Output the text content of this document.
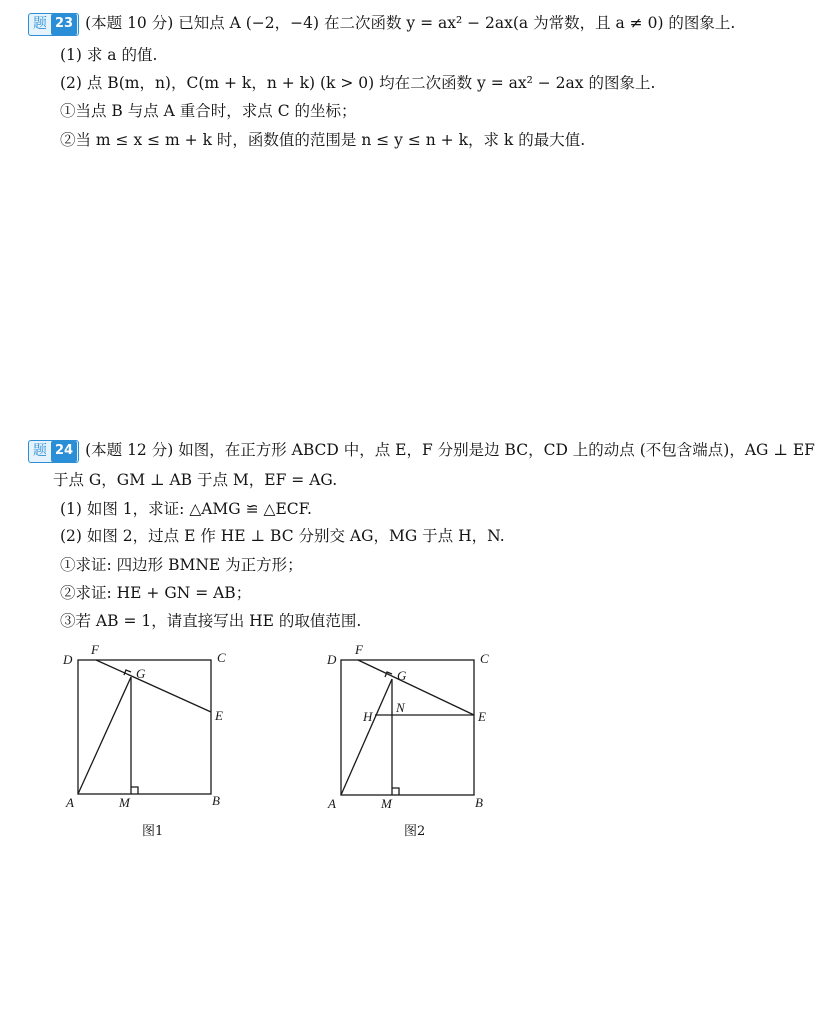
题 23 (本题 10 分) 已知点 A (−2，−4) 在二次函数 y = ax² − 2ax(a 为常数，且 a ≠ 0) 的图象上.
(1) 求 a 的值.
(2) 点 B(m，n)，C(m + k，n + k) (k > 0) 均在二次函数 y = ax² − 2ax 的图象上.
①当点 B 与点 A 重合时，求点 C 的坐标；
②当 m ≤ x ≤ m + k 时，函数值的范围是 n ≤ y ≤ n + k，求 k 的最大值.
题 24 (本题 12 分) 如图，在正方形 ABCD 中，点 E，F 分别是边 BC，CD 上的动点 (不包含端点)，AG ⊥ EF
于点 G，GM ⊥ AB 于点 M，EF = AG.
(1) 如图 1，求证: △AMG ≌ △ECF.
(2) 如图 2，过点 E 作 HE ⊥ BC 分别交 AG，MG 于点 H，N.
①求证: 四边形 BMNE 为正方形；
②求证: HE + GN = AB；
③若 AB = 1，请直接写出 HE 的取值范围.
D
F
C
G
E
A	M	B
图1
D
F
C
G
H
N
E
A	M	B
图2
